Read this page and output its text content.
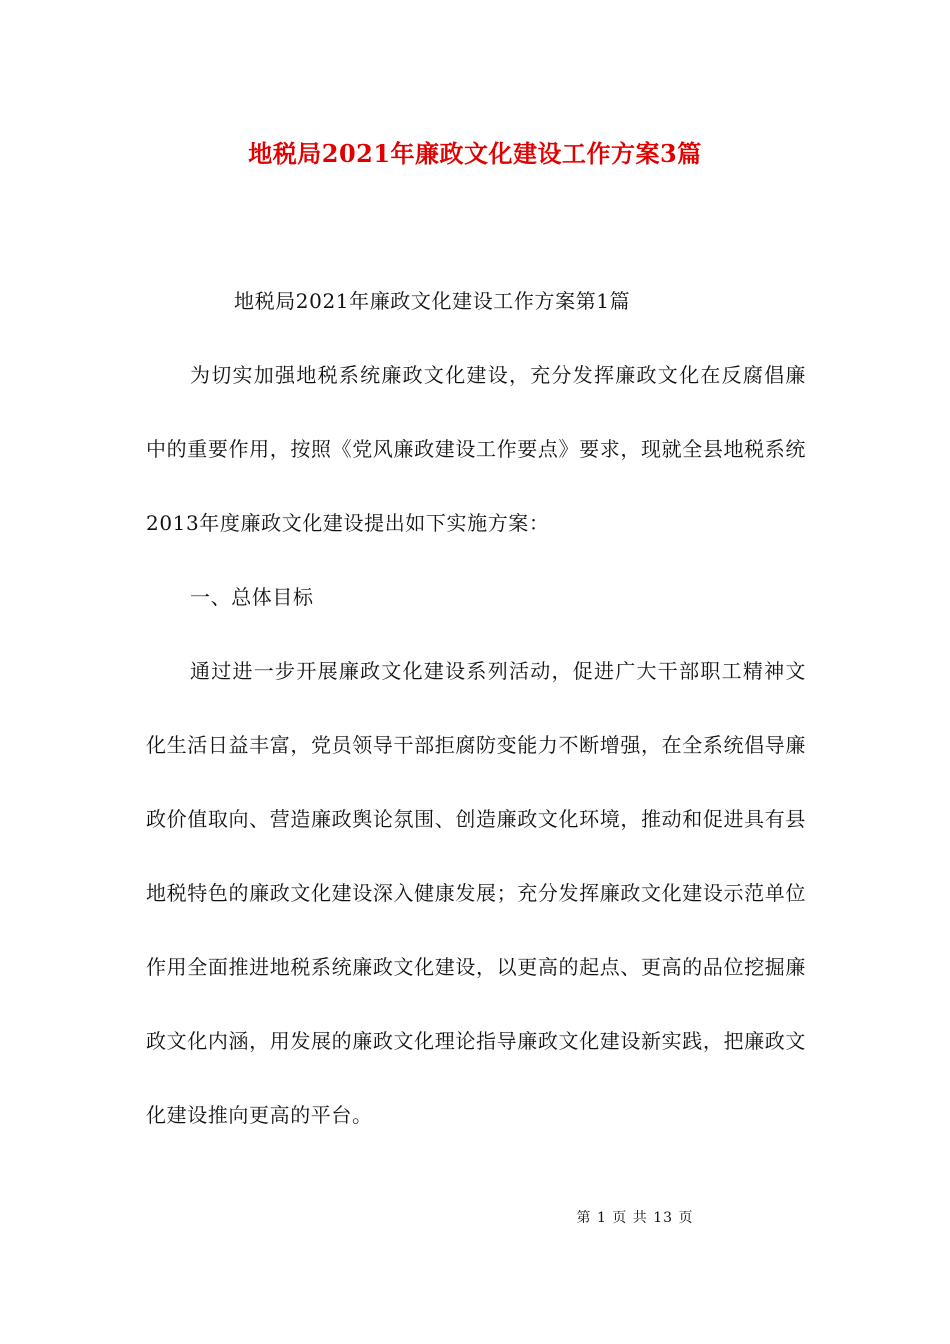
地税局2021年廉政文化建设工作方案3篇

地税局2021年廉政文化建设工作方案第1篇

为切实加强地税系统廉政文化建设，充分发挥廉政文化在反腐倡廉中的重要作用，按照《党风廉政建设工作要点》要求，现就全县地税系统2013年度廉政文化建设提出如下实施方案：

一、总体目标

通过进一步开展廉政文化建设系列活动，促进广大干部职工精神文化生活日益丰富，党员领导干部拒腐防变能力不断增强，在全系统倡导廉政价值取向、营造廉政舆论氛围、创造廉政文化环境，推动和促进具有县地税特色的廉政文化建设深入健康发展；充分发挥廉政文化建设示范单位作用全面推进地税系统廉政文化建设，以更高的起点、更高的品位挖掘廉政文化内涵，用发展的廉政文化理论指导廉政文化建设新实践，把廉政文化建设推向更高的平台。

第 1 页 共 13 页
